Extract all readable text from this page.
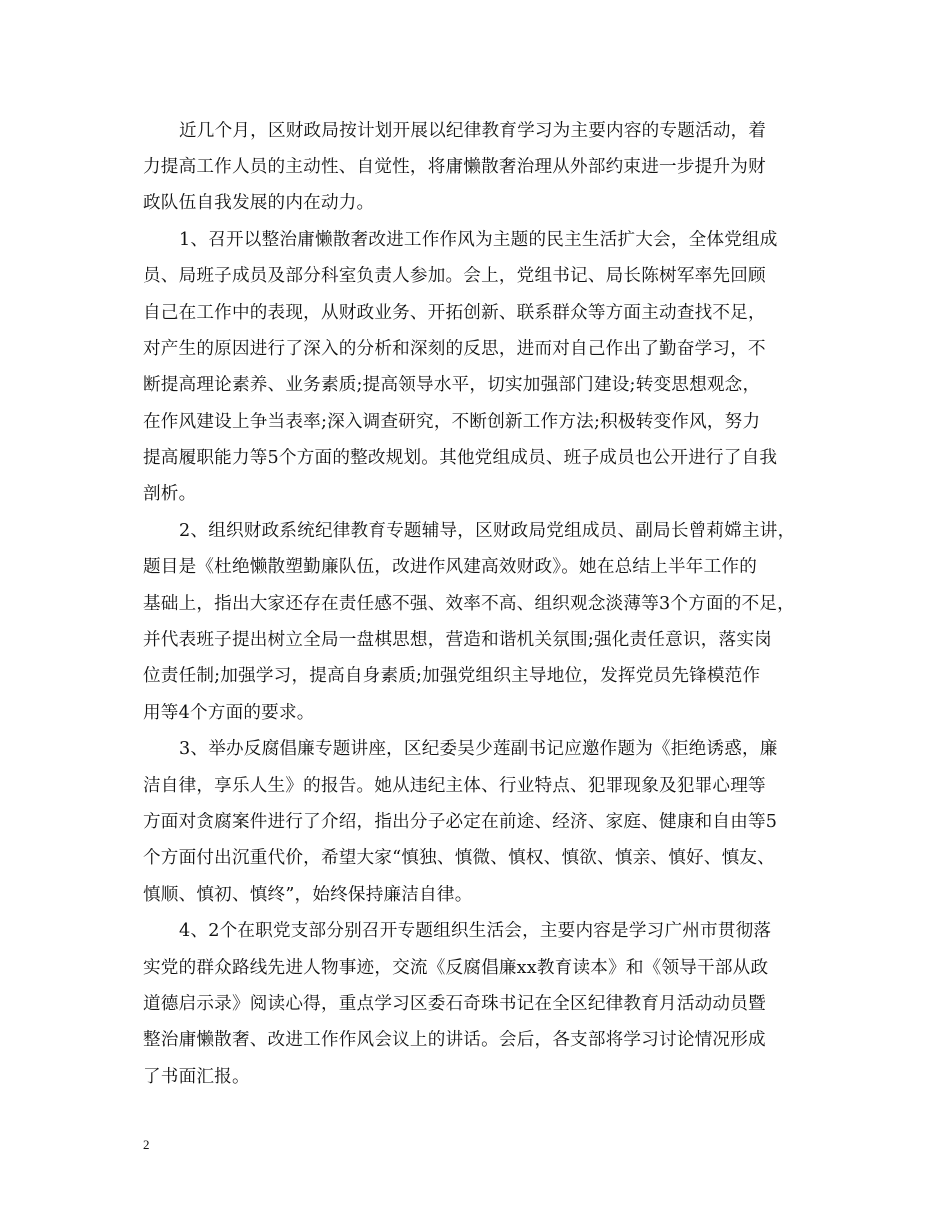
近几个月，区财政局按计划开展以纪律教育学习为主要内容的专题活动，着
力提高工作人员的主动性、自觉性，将庸懒散奢治理从外部约束进一步提升为财
政队伍自我发展的内在动力。
1、召开以整治庸懒散奢改进工作作风为主题的民主生活扩大会，全体党组成
员、局班子成员及部分科室负责人参加。会上，党组书记、局长陈树军率先回顾
自己在工作中的表现，从财政业务、开拓创新、联系群众等方面主动查找不足，
对产生的原因进行了深入的分析和深刻的反思，进而对自己作出了勤奋学习，不
断提高理论素养、业务素质;提高领导水平，切实加强部门建设;转变思想观念，
在作风建设上争当表率;深入调查研究，不断创新工作方法;积极转变作风，努力
提高履职能力等5个方面的整改规划。其他党组成员、班子成员也公开进行了自我
剖析。
2、组织财政系统纪律教育专题辅导，区财政局党组成员、副局长曾莉嫦主讲，
题目是《杜绝懒散塑勤廉队伍，改进作风建高效财政》。她在总结上半年工作的
基础上，指出大家还存在责任感不强、效率不高、组织观念淡薄等3个方面的不足，
并代表班子提出树立全局一盘棋思想，营造和谐机关氛围;强化责任意识，落实岗
位责任制;加强学习，提高自身素质;加强党组织主导地位，发挥党员先锋模范作
用等4个方面的要求。
3、举办反腐倡廉专题讲座，区纪委吴少莲副书记应邀作题为《拒绝诱惑，廉
洁自律，享乐人生》的报告。她从违纪主体、行业特点、犯罪现象及犯罪心理等
方面对贪腐案件进行了介绍，指出分子必定在前途、经济、家庭、健康和自由等5
个方面付出沉重代价，希望大家“慎独、慎微、慎权、慎欲、慎亲、慎好、慎友、
慎顺、慎初、慎终”，始终保持廉洁自律。
4、2个在职党支部分别召开专题组织生活会，主要内容是学习广州市贯彻落
实党的群众路线先进人物事迹，交流《反腐倡廉xx教育读本》和《领导干部从政
道德启示录》阅读心得，重点学习区委石奇珠书记在全区纪律教育月活动动员暨
整治庸懒散奢、改进工作作风会议上的讲话。会后，各支部将学习讨论情况形成
了书面汇报。
2
